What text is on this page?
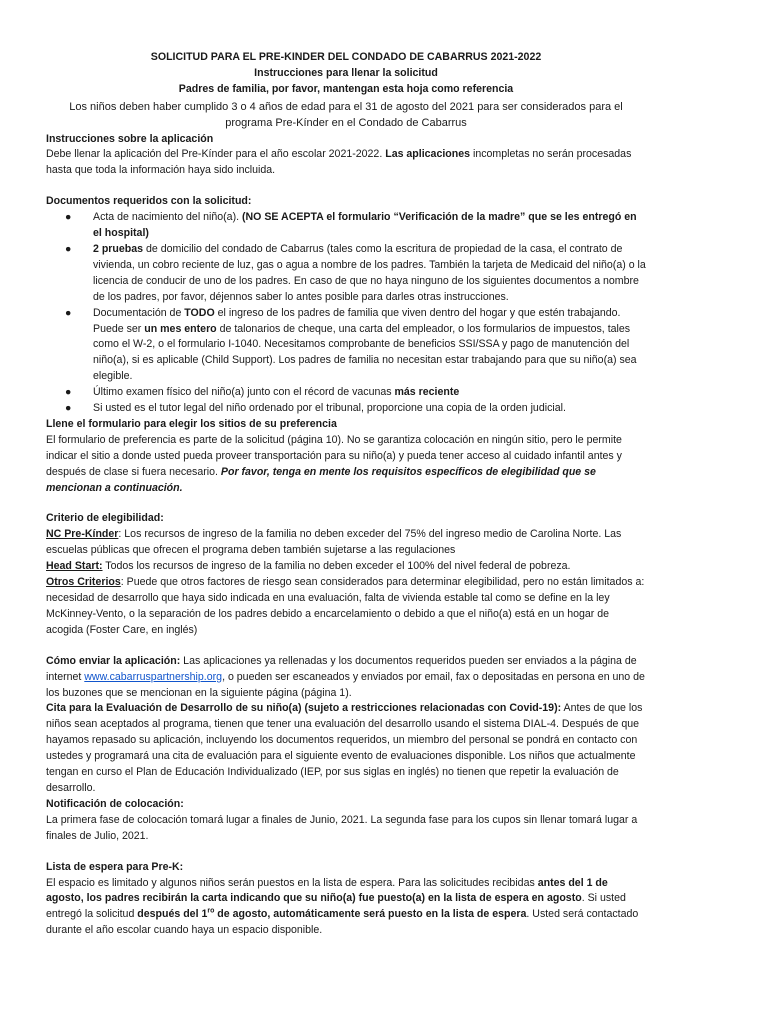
SOLICITUD PARA EL PRE-KINDER DEL CONDADO DE CABARRUS 2021-2022
Instrucciones para llenar la solicitud
Padres de familia, por favor, mantengan esta hoja como referencia
Los niños deben haber cumplido 3 o 4 años de edad para el 31 de agosto del 2021 para ser considerados para el programa Pre-Kínder en el Condado de Cabarrus
Instrucciones sobre la aplicación

Debe llenar la aplicación del Pre-Kínder para el año escolar 2021-2022. Las aplicaciones incompletas no serán procesadas hasta que toda la información haya sido incluida.

Documentos requeridos con la solicitud:
● Acta de nacimiento del niño(a). (NO SE ACEPTA el formulario “Verificación de la madre” que se les entregó en el hospital)
● 2 pruebas de domicilio del condado de Cabarrus (tales como la escritura de propiedad de la casa, el contrato de vivienda, un cobro reciente de luz, gas o agua a nombre de los padres. También la tarjeta de Medicaid del niño(a) o la licencia de conducir de uno de los padres. En caso de que no haya ninguno de los siguientes documentos a nombre de los padres, por favor, déjennos saber lo antes posible para darles otras instrucciones.
● Documentación de TODO el ingreso de los padres de familia que viven dentro del hogar y que estén trabajando. Puede ser un mes entero de talonarios de cheque, una carta del empleador, o los formularios de impuestos, tales como el W-2, o el formulario I-1040. Necesitamos comprobante de beneficios SSI/SSA y pago de manutención del niño(a), si es aplicable (Child Support). Los padres de familia no necesitan estar trabajando para que su niño(a) sea elegible.
● Último examen físico del niño(a) junto con el récord de vacunas más reciente
● Si usted es el tutor legal del niño ordenado por el tribunal, proporcione una copia de la orden judicial.
Llene el formulario para elegir los sitios de su preferencia

El formulario de preferencia es parte de la solicitud (página 10). No se garantiza colocación en ningún sitio, pero le permite indicar el sitio a donde usted pueda proveer transportación para su niño(a) y pueda tener acceso al cuidado infantil antes y después de clase si fuera necesario. Por favor, tenga en mente los requisitos específicos de elegibilidad que se mencionan a continuación.

Criterio de elegibilidad:

NC Pre-Kínder: Los recursos de ingreso de la familia no deben exceder del 75% del ingreso medio de Carolina Norte. Las escuelas públicas que ofrecen el programa deben también sujetarse a las regulaciones

Head Start: Todos los recursos de ingreso de la familia no deben exceder el 100% del nivel federal de pobreza.

Otros Criterios: Puede que otros factores de riesgo sean considerados para determinar elegibilidad, pero no están limitados a: necesidad de desarrollo que haya sido indicada en una evaluación, falta de vivienda estable tal como se define en la ley McKinney-Vento, o la separación de los padres debido a encarcelamiento o debido a que el niño(a) está en un hogar de acogida (Foster Care, en inglés)

Cómo enviar la aplicación: Las aplicaciones ya rellenadas y los documentos requeridos pueden ser enviados a la página de internet www.cabarruspartnership.org, o pueden ser escaneados y enviados por email, fax o depositadas en persona en uno de los buzones que se mencionan en la siguiente página (página 1).

Cita para la Evaluación de Desarrollo de su niño(a) (sujeto a restricciones relacionadas con Covid-19): Antes de que los niños sean aceptados al programa, tienen que tener una evaluación del desarrollo usando el sistema DIAL-4. Después de que hayamos repasado su aplicación, incluyendo los documentos requeridos, un miembro del personal se pondrá en contacto con ustedes y programará una cita de evaluación para el siguiente evento de evaluaciones disponible. Los niños que actualmente tengan en curso el Plan de Educación Individualizado (IEP, por sus siglas en inglés) no tienen que repetir la evaluación de desarrollo.

Notificación de colocación:

La primera fase de colocación tomará lugar a finales de Junio, 2021. La segunda fase para los cupos sin llenar tomará lugar a finales de Julio, 2021.

Lista de espera para Pre-K:

El espacio es limitado y algunos niños serán puestos en la lista de espera. Para las solicitudes recibidas antes del 1 de agosto, los padres recibirán la carta indicando que su niño(a) fue puesto(a) en la lista de espera en agosto. Si usted entregó la solicitud después del $1^{ro}$ de agosto, automáticamente será puesto en la lista de espera. Usted será contactado durante el año escolar cuando haya un espacio disponible.
